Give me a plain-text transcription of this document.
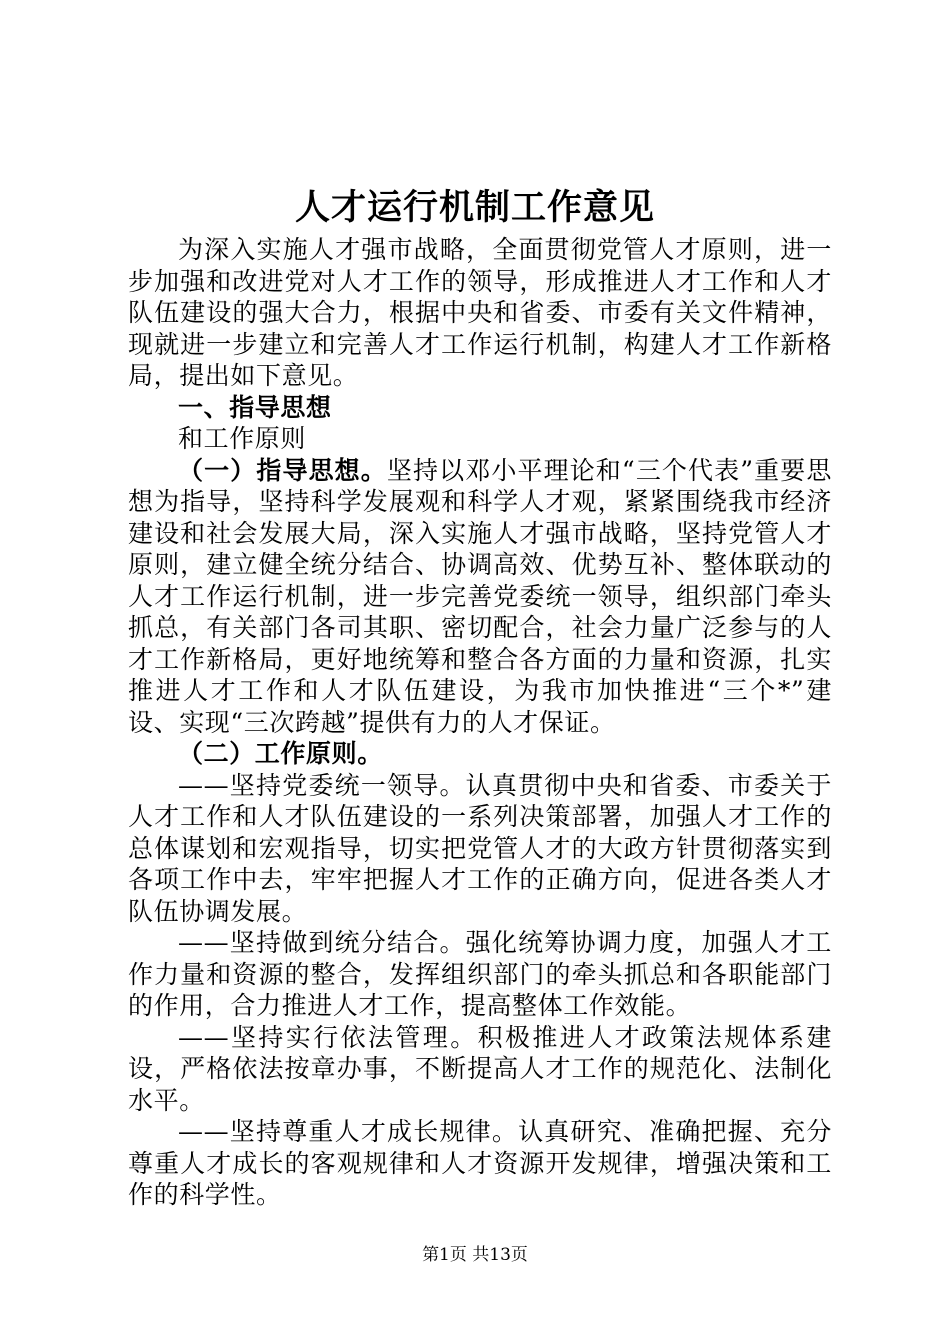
人才运行机制工作意见

为深入实施人才强市战略，全面贯彻党管人才原则，进一步加强和改进党对人才工作的领导，形成推进人才工作和人才队伍建设的强大合力，根据中央和省委、市委有关文件精神，现就进一步建立和完善人才工作运行机制，构建人才工作新格局，提出如下意见。

一、指导思想

和工作原则

（一）指导思想。坚持以邓小平理论和“三个代表”重要思想为指导，坚持科学发展观和科学人才观，紧紧围绕我市经济建设和社会发展大局，深入实施人才强市战略，坚持党管人才原则，建立健全统分结合、协调高效、优势互补、整体联动的人才工作运行机制，进一步完善党委统一领导，组织部门牵头抓总，有关部门各司其职、密切配合，社会力量广泛参与的人才工作新格局，更好地统筹和整合各方面的力量和资源，扎实推进人才工作和人才队伍建设，为我市加快推进“三个*”建设、实现“三次跨越”提供有力的人才保证。

（二）工作原则。

——坚持党委统一领导。认真贯彻中央和省委、市委关于人才工作和人才队伍建设的一系列决策部署，加强人才工作的总体谋划和宏观指导，切实把党管人才的大政方针贯彻落实到各项工作中去，牢牢把握人才工作的正确方向，促进各类人才队伍协调发展。

——坚持做到统分结合。强化统筹协调力度，加强人才工作力量和资源的整合，发挥组织部门的牵头抓总和各职能部门的作用，合力推进人才工作，提高整体工作效能。

——坚持实行依法管理。积极推进人才政策法规体系建设，严格依法按章办事，不断提高人才工作的规范化、法制化水平。

——坚持尊重人才成长规律。认真研究、准确把握、充分尊重人才成长的客观规律和人才资源开发规律，增强决策和工作的科学性。

第1页 共13页
